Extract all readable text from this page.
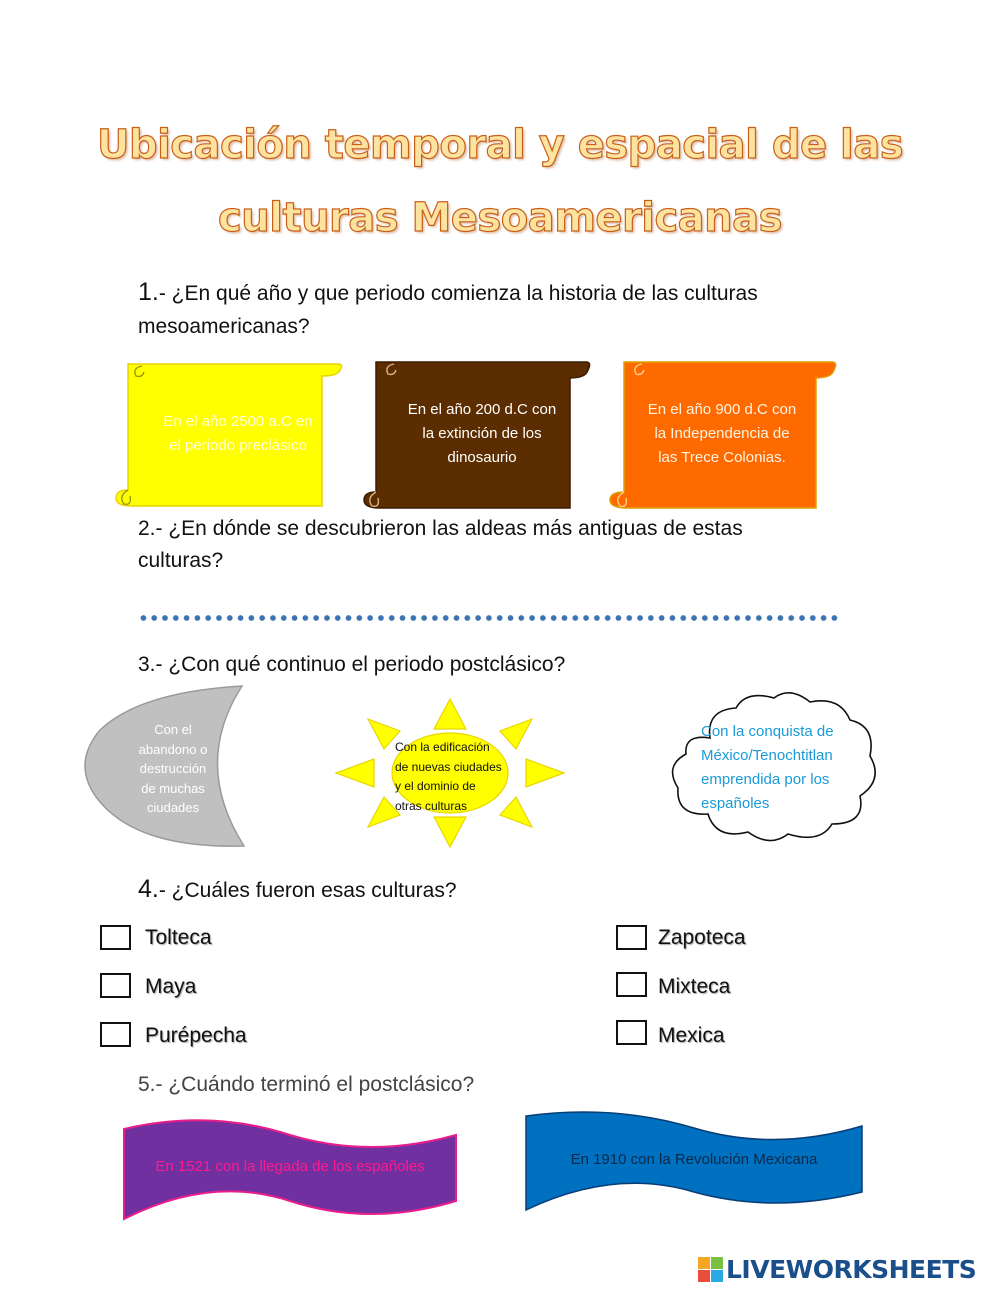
Ubicación temporal y espacial de las
culturas Mesoamericanas
1.- ¿En qué año y que periodo comienza la historia de las culturas
mesoamericanas?
En el año 2500 a.C en
el periodo preclásico
En el año 200 d.C con
la extinción de los
dinosaurio
En el año 900 d.C con
la Independencia de
las Trece Colonias.
2.- ¿En dónde se descubrieron las aldeas más antiguas de estas
culturas?
3.- ¿Con qué continuo el periodo postclásico?
Con el
abandono o
destrucción
de muchas
ciudades
Con la edificación
de nuevas ciudades
y el dominio de
otras culturas
Con la conquista de
México/Tenochtitlan
emprendida por los
españoles
4.- ¿Cuáles fueron esas culturas?
Tolteca
Maya
Purépecha
Zapoteca
Mixteca
Mexica
5.- ¿Cuándo terminó el postclásico?
En 1521 con la llegada de los españoles	En 1910 con la Revolución Mexicana
LIVEWORKSHEETS
